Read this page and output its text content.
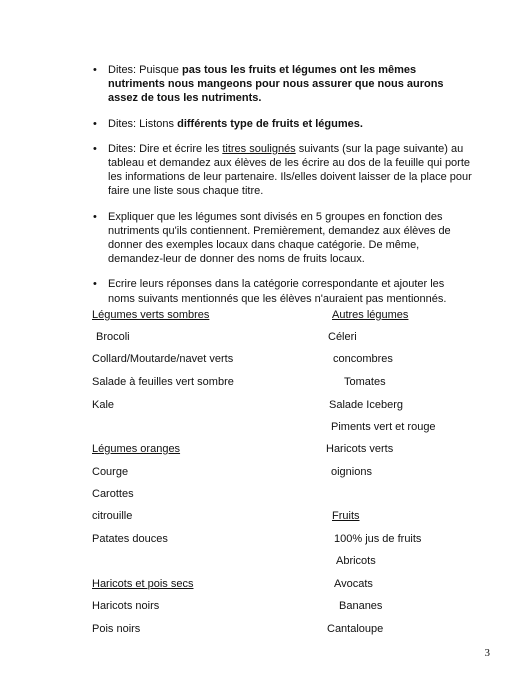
• Dites: Puisque pas tous les fruits et légumes ont les mêmes nutriments nous mangeons pour nous assurer que nous aurons assez de tous les nutriments.
• Dites: Listons différents type de fruits et légumes.
• Dites: Dire et écrire les titres soulignés suivants (sur la page suivante) au tableau et demandez aux élèves de les écrire au dos de la feuille qui porte les informations de leur partenaire. Ils/elles doivent laisser de la place pour faire une liste sous chaque titre.
• Expliquer que les légumes sont divisés en 5 groupes en fonction des nutriments qu'ils contiennent. Premièrement, demandez aux élèves de donner des exemples locaux dans chaque catégorie. De même, demandez-leur de donner des noms de fruits locaux.
• Ecrire leurs réponses dans la catégorie correspondante et ajouter les noms suivants mentionnés que les élèves n'auraient pas mentionnés.
Légumes verts sombres
Brocoli
Collard/Moutarde/navet verts
Salade à feuilles vert sombre
Kale
Légumes oranges
Courge
Carottes
citrouille
Patates douces
Haricots et pois secs
Haricots noirs
Pois noirs
Autres légumes
Céleri
concombres
Tomates
Salade Iceberg
Piments vert et rouge
Haricots verts
oignions
Fruits
100% jus de fruits
Abricots
Avocats
Bananes
Cantaloupe
3
